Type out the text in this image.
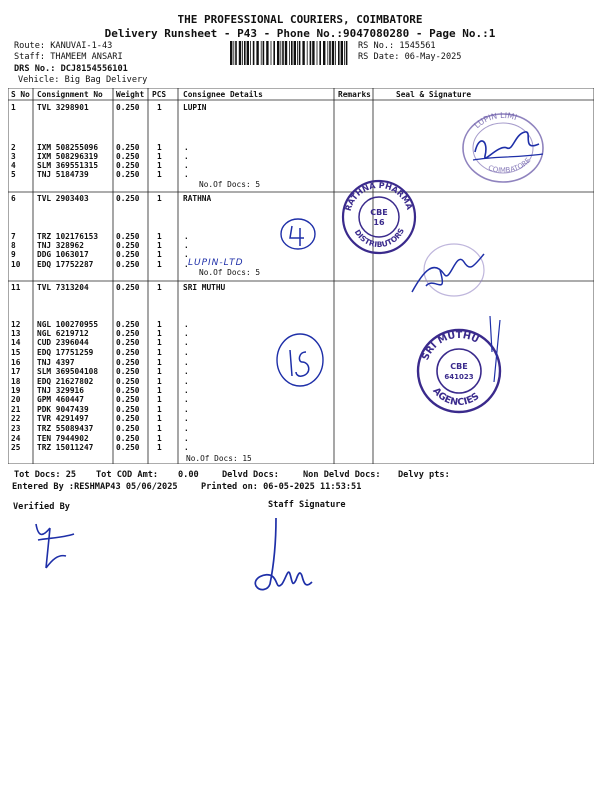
THE PROFESSIONAL COURIERS, COIMBATORE
Delivery Runsheet - P43 - Phone No.:9047080280 - Page No.:1
Route: KANUVAI-1-43
Staff: THAMEEM ANSARI
DRS No.: DCJ8154556101
Vehicle: Big Bag Delivery
RS No.: 1545561
RS Date: 06-May-2025
S No Consignment No Weight PCS Consignee Details	Remarks	Seal & Signature
LUPIN
1	TVL 3298901	0.250 1
2	IXM 508255096 0.250 1	.
3	IXM 508296319 0.250 1	.
4	SLM 369551315 0.250 1	.
5	TNJ 5184739	0.250 1	.
No.Of Docs: 5
RATHNA
6	TVL 2903403	0.250 1
7	TRZ 102176153 0.250 1	.
8	TNJ 328962	0.250 1	.
9	DDG 1063017	0.250 1	.
10 EDQ 17752287	0.250 1	.
No.Of Docs: 5
SRI MUTHU
11 TVL 7313204	0.250 1
12 NGL 100270955 0.250 1	.
13 NGL 6219712	0.250 1	.
14 CUD 2396044	0.250 1	.
15 EDQ 17751259	0.250 1	.
16 TNJ 4397	0.250 1	.
17 SLM 369504108 0.250 1	.
18 EDQ 21627802	0.250 1	.
19 TNJ 329916	0.250 1	.
20 GPM 460447	0.250 1	.
21 PDK 9047439	0.250 1	.
22 TVR 4291497	0.250 1	.
23 TRZ 55089437	0.250 1	.
24 TEN 7944902	0.250 1	.
25 TRZ 15011247	0.250 1	.
No.Of Docs: 15
Tot Docs: 25 Tot COD Amt: 0.00	Delvd Docs:	Non Delvd Docs: Delvy pts:
Entered By :RESHMAP43 05/06/2025	Printed on: 06-05-2025 11:53:51
Verified By	Staff Signature
LUPIN-LTD
LUPIN LIMI
COIMBATORE
RATHNA PHARMA
DISTRIBUTORS
CBE
16
SRI MUTHU
AGENCIES
CBE
641023
